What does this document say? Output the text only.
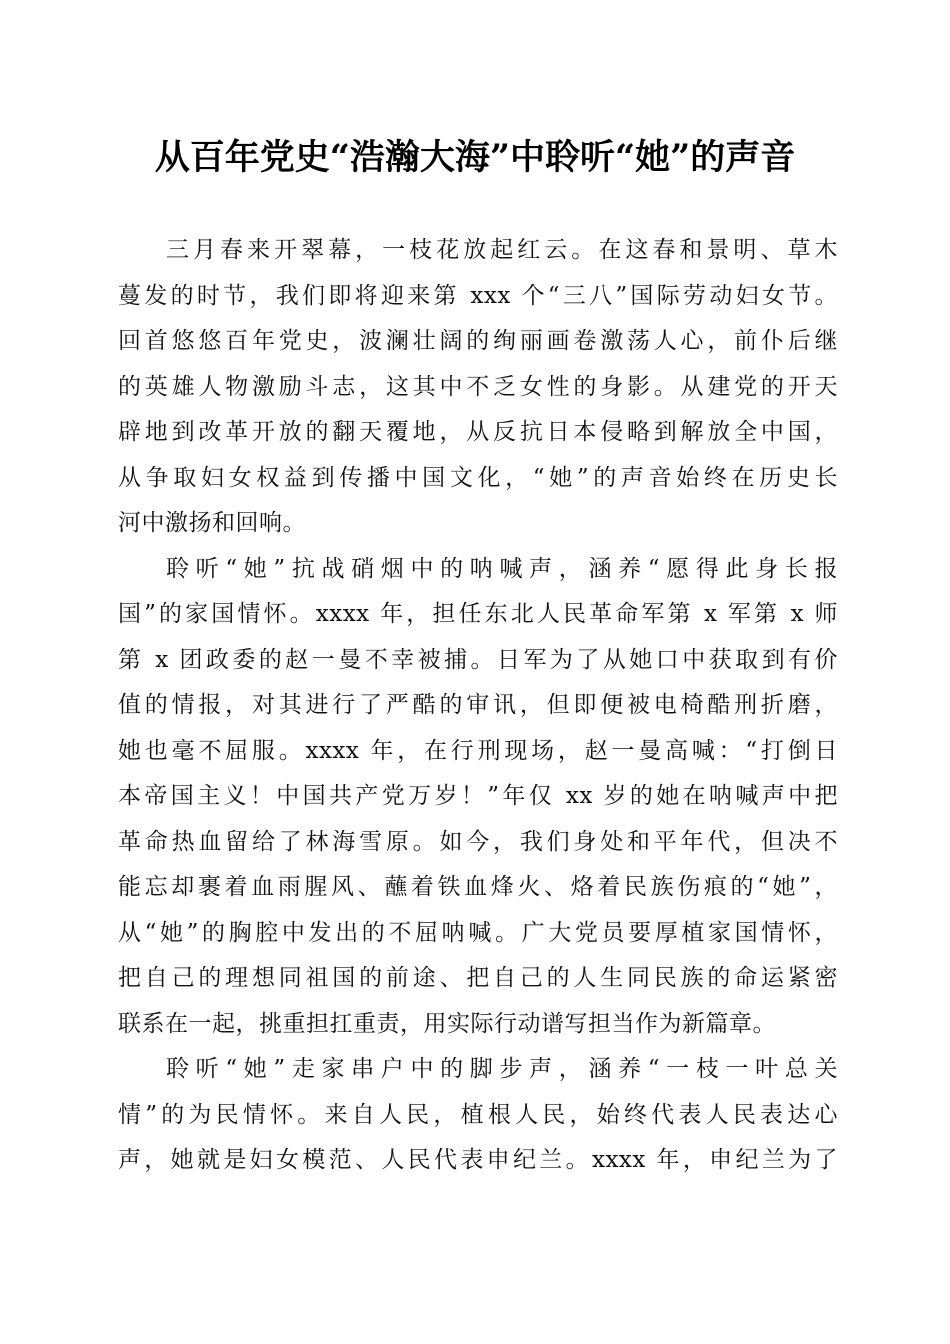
从百年党史“浩瀚大海”中聆听“她”的声音
三月春来开翠幕，一枝花放起红云。在这春和景明、草木
蔓发的时节，我们即将迎来第 xxx 个“三八”国际劳动妇女节。
回首悠悠百年党史，波澜壮阔的绚丽画卷激荡人心，前仆后继
的英雄人物激励斗志，这其中不乏女性的身影。从建党的开天
辟地到改革开放的翻天覆地，从反抗日本侵略到解放全中国，
从争取妇女权益到传播中国文化，“她”的声音始终在历史长
河中激扬和回响。
聆听“她”抗战硝烟中的呐喊声，涵养“愿得此身长报
国”的家国情怀。xxxx 年，担任东北人民革命军第 x 军第 x 师
第 x 团政委的赵一曼不幸被捕。日军为了从她口中获取到有价
值的情报，对其进行了严酷的审讯，但即便被电椅酷刑折磨，
她也毫不屈服。xxxx 年，在行刑现场，赵一曼高喊：“打倒日
本帝国主义！中国共产党万岁！”年仅 xx 岁的她在呐喊声中把
革命热血留给了林海雪原。如今，我们身处和平年代，但决不
能忘却裹着血雨腥风、蘸着铁血烽火、烙着民族伤痕的“她”，
从“她”的胸腔中发出的不屈呐喊。广大党员要厚植家国情怀，
把自己的理想同祖国的前途、把自己的人生同民族的命运紧密
联系在一起，挑重担扛重责，用实际行动谱写担当作为新篇章。
聆听“她”走家串户中的脚步声，涵养“一枝一叶总关
情”的为民情怀。来自人民，植根人民，始终代表人民表达心
声，她就是妇女模范、人民代表申纪兰。xxxx 年，申纪兰为了
